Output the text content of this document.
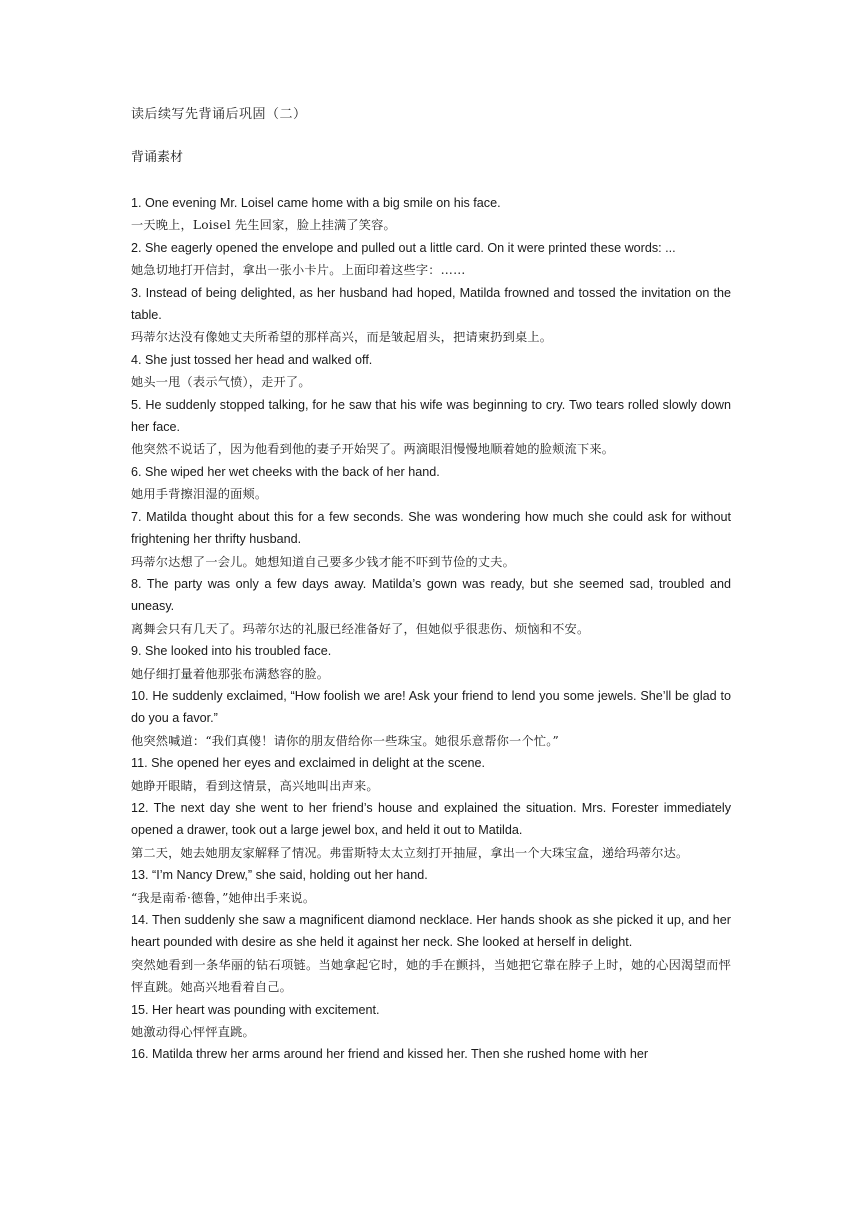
读后续写先背诵后巩固（二）

背诵素材

1. One evening Mr. Loisel came home with a big smile on his face.

一天晚上，Loisel 先生回家，脸上挂满了笑容。

2. She eagerly opened the envelope and pulled out a little card. On it were printed these words: ...

她急切地打开信封，拿出一张小卡片。上面印着这些字：……

3. Instead of being delighted, as her husband had hoped, Matilda frowned and tossed the invitation on the table.

玛蒂尔达没有像她丈夫所希望的那样高兴，而是皱起眉头，把请柬扔到桌上。

4. She just tossed her head and walked off.

她头一甩（表示气愤），走开了。

5. He suddenly stopped talking, for he saw that his wife was beginning to cry. Two tears rolled slowly down her face.

他突然不说话了，因为他看到他的妻子开始哭了。两滴眼泪慢慢地顺着她的脸颊流下来。

6. She wiped her wet cheeks with the back of her hand.

她用手背擦泪湿的面颊。

7. Matilda thought about this for a few seconds. She was wondering how much she could ask for without frightening her thrifty husband.

玛蒂尔达想了一会儿。她想知道自己要多少钱才能不吓到节俭的丈夫。

8. The party was only a few days away. Matilda’s gown was ready, but she seemed sad, troubled and uneasy.

离舞会只有几天了。玛蒂尔达的礼服已经准备好了，但她似乎很悲伤、烦恼和不安。

9. She looked into his troubled face.

她仔细打量着他那张布满愁容的脸。

10. He suddenly exclaimed, “How foolish we are! Ask your friend to lend you some jewels. She’ll be glad to do you a favor.”

他突然喊道：“我们真傻！请你的朋友借给你一些珠宝。她很乐意帮你一个忙。”

11. She opened her eyes and exclaimed in delight at the scene.

她睁开眼睛，看到这情景，高兴地叫出声来。

12. The next day she went to her friend’s house and explained the situation. Mrs. Forester immediately opened a drawer, took out a large jewel box, and held it out to Matilda.

第二天，她去她朋友家解释了情况。弗雷斯特太太立刻打开抽屉，拿出一个大珠宝盒，递给玛蒂尔达。

13. “I’m Nancy Drew,” she said, holding out her hand.

“我是南希·德鲁，”她伸出手来说。

14. Then suddenly she saw a magnificent diamond necklace. Her hands shook as she picked it up, and her heart pounded with desire as she held it against her neck. She looked at herself in delight.

突然她看到一条华丽的钻石项链。当她拿起它时，她的手在颤抖，当她把它靠在脖子上时，她的心因渴望而怦怦直跳。她高兴地看着自己。

15. Her heart was pounding with excitement.

她激动得心怦怦直跳。

16. Matilda threw her arms around her friend and kissed her. Then she rushed home with her
